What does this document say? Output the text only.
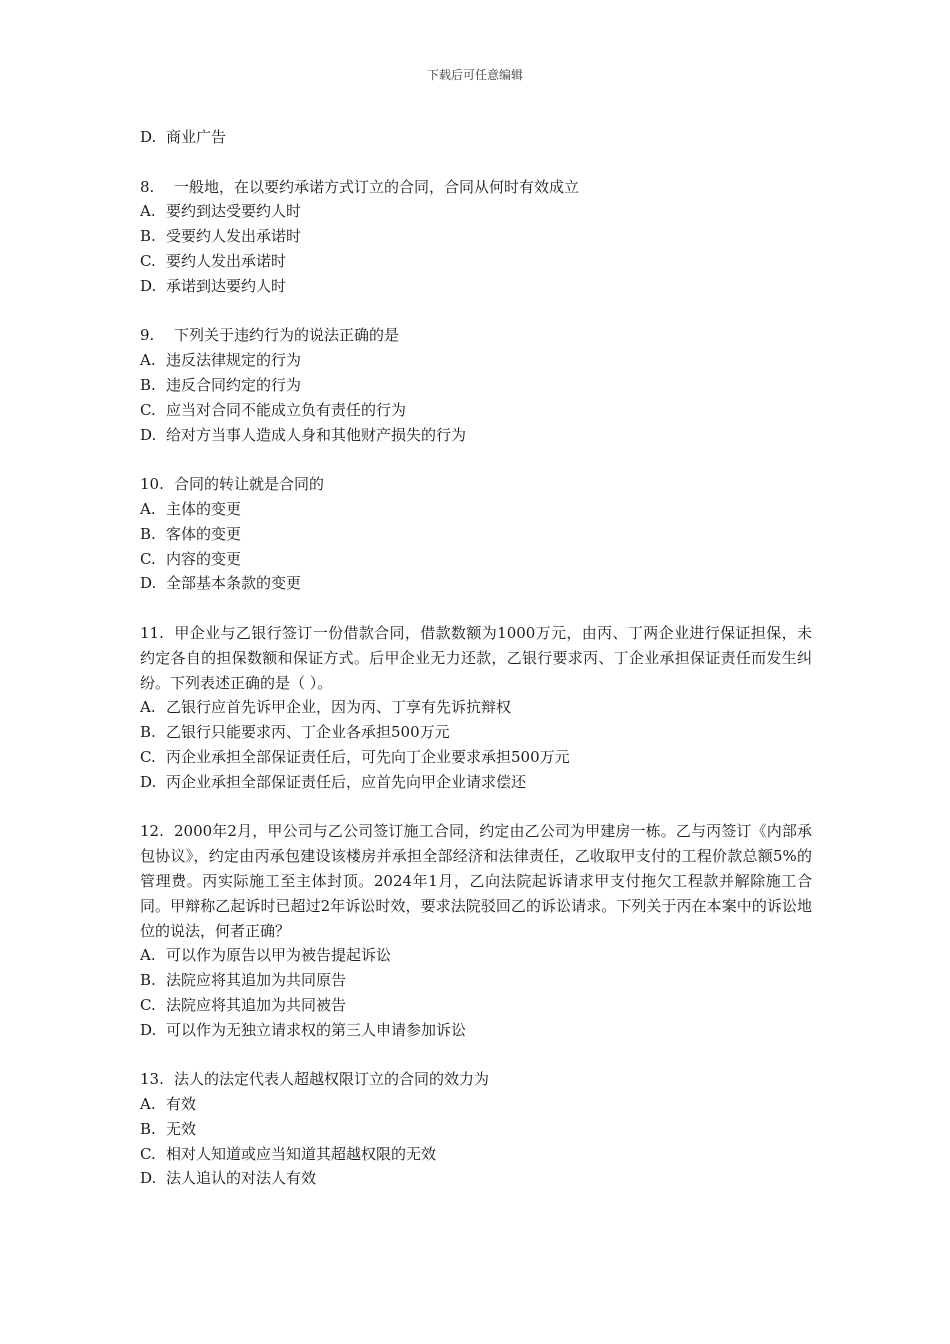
下载后可任意编辑
D. 商业广告
8. 一般地，在以要约承诺方式订立的合同，合同从何时有效成立
A. 要约到达受要约人时
B. 受要约人发出承诺时
C. 要约人发出承诺时
D. 承诺到达要约人时
9. 下列关于违约行为的说法正确的是
A. 违反法律规定的行为
B. 违反合同约定的行为
C. 应当对合同不能成立负有责任的行为
D. 给对方当事人造成人身和其他财产损失的行为
10. 合同的转让就是合同的
A. 主体的变更
B. 客体的变更
C. 内容的变更
D. 全部基本条款的变更
11. 甲企业与乙银行签订一份借款合同，借款数额为1000万元，由丙、丁两企业进行保证担保，未约定各自的担保数额和保证方式。后甲企业无力还款，乙银行要求丙、丁企业承担保证责任而发生纠纷。下列表述正确的是（ ）。
A. 乙银行应首先诉甲企业，因为丙、丁享有先诉抗辩权
B. 乙银行只能要求丙、丁企业各承担500万元
C. 丙企业承担全部保证责任后，可先向丁企业要求承担500万元
D. 丙企业承担全部保证责任后，应首先向甲企业请求偿还
12. 2000年2月，甲公司与乙公司签订施工合同，约定由乙公司为甲建房一栋。乙与丙签订《内部承包协议》，约定由丙承包建设该楼房并承担全部经济和法律责任，乙收取甲支付的工程价款总额5%的管理费。丙实际施工至主体封顶。2024年1月，乙向法院起诉请求甲支付拖欠工程款并解除施工合同。甲辩称乙起诉时已超过2年诉讼时效，要求法院驳回乙的诉讼请求。下列关于丙在本案中的诉讼地位的说法，何者正确？
A. 可以作为原告以甲为被告提起诉讼
B. 法院应将其追加为共同原告
C. 法院应将其追加为共同被告
D. 可以作为无独立请求权的第三人申请参加诉讼
13. 法人的法定代表人超越权限订立的合同的效力为
A. 有效
B. 无效
C. 相对人知道或应当知道其超越权限的无效
D. 法人追认的对法人有效
